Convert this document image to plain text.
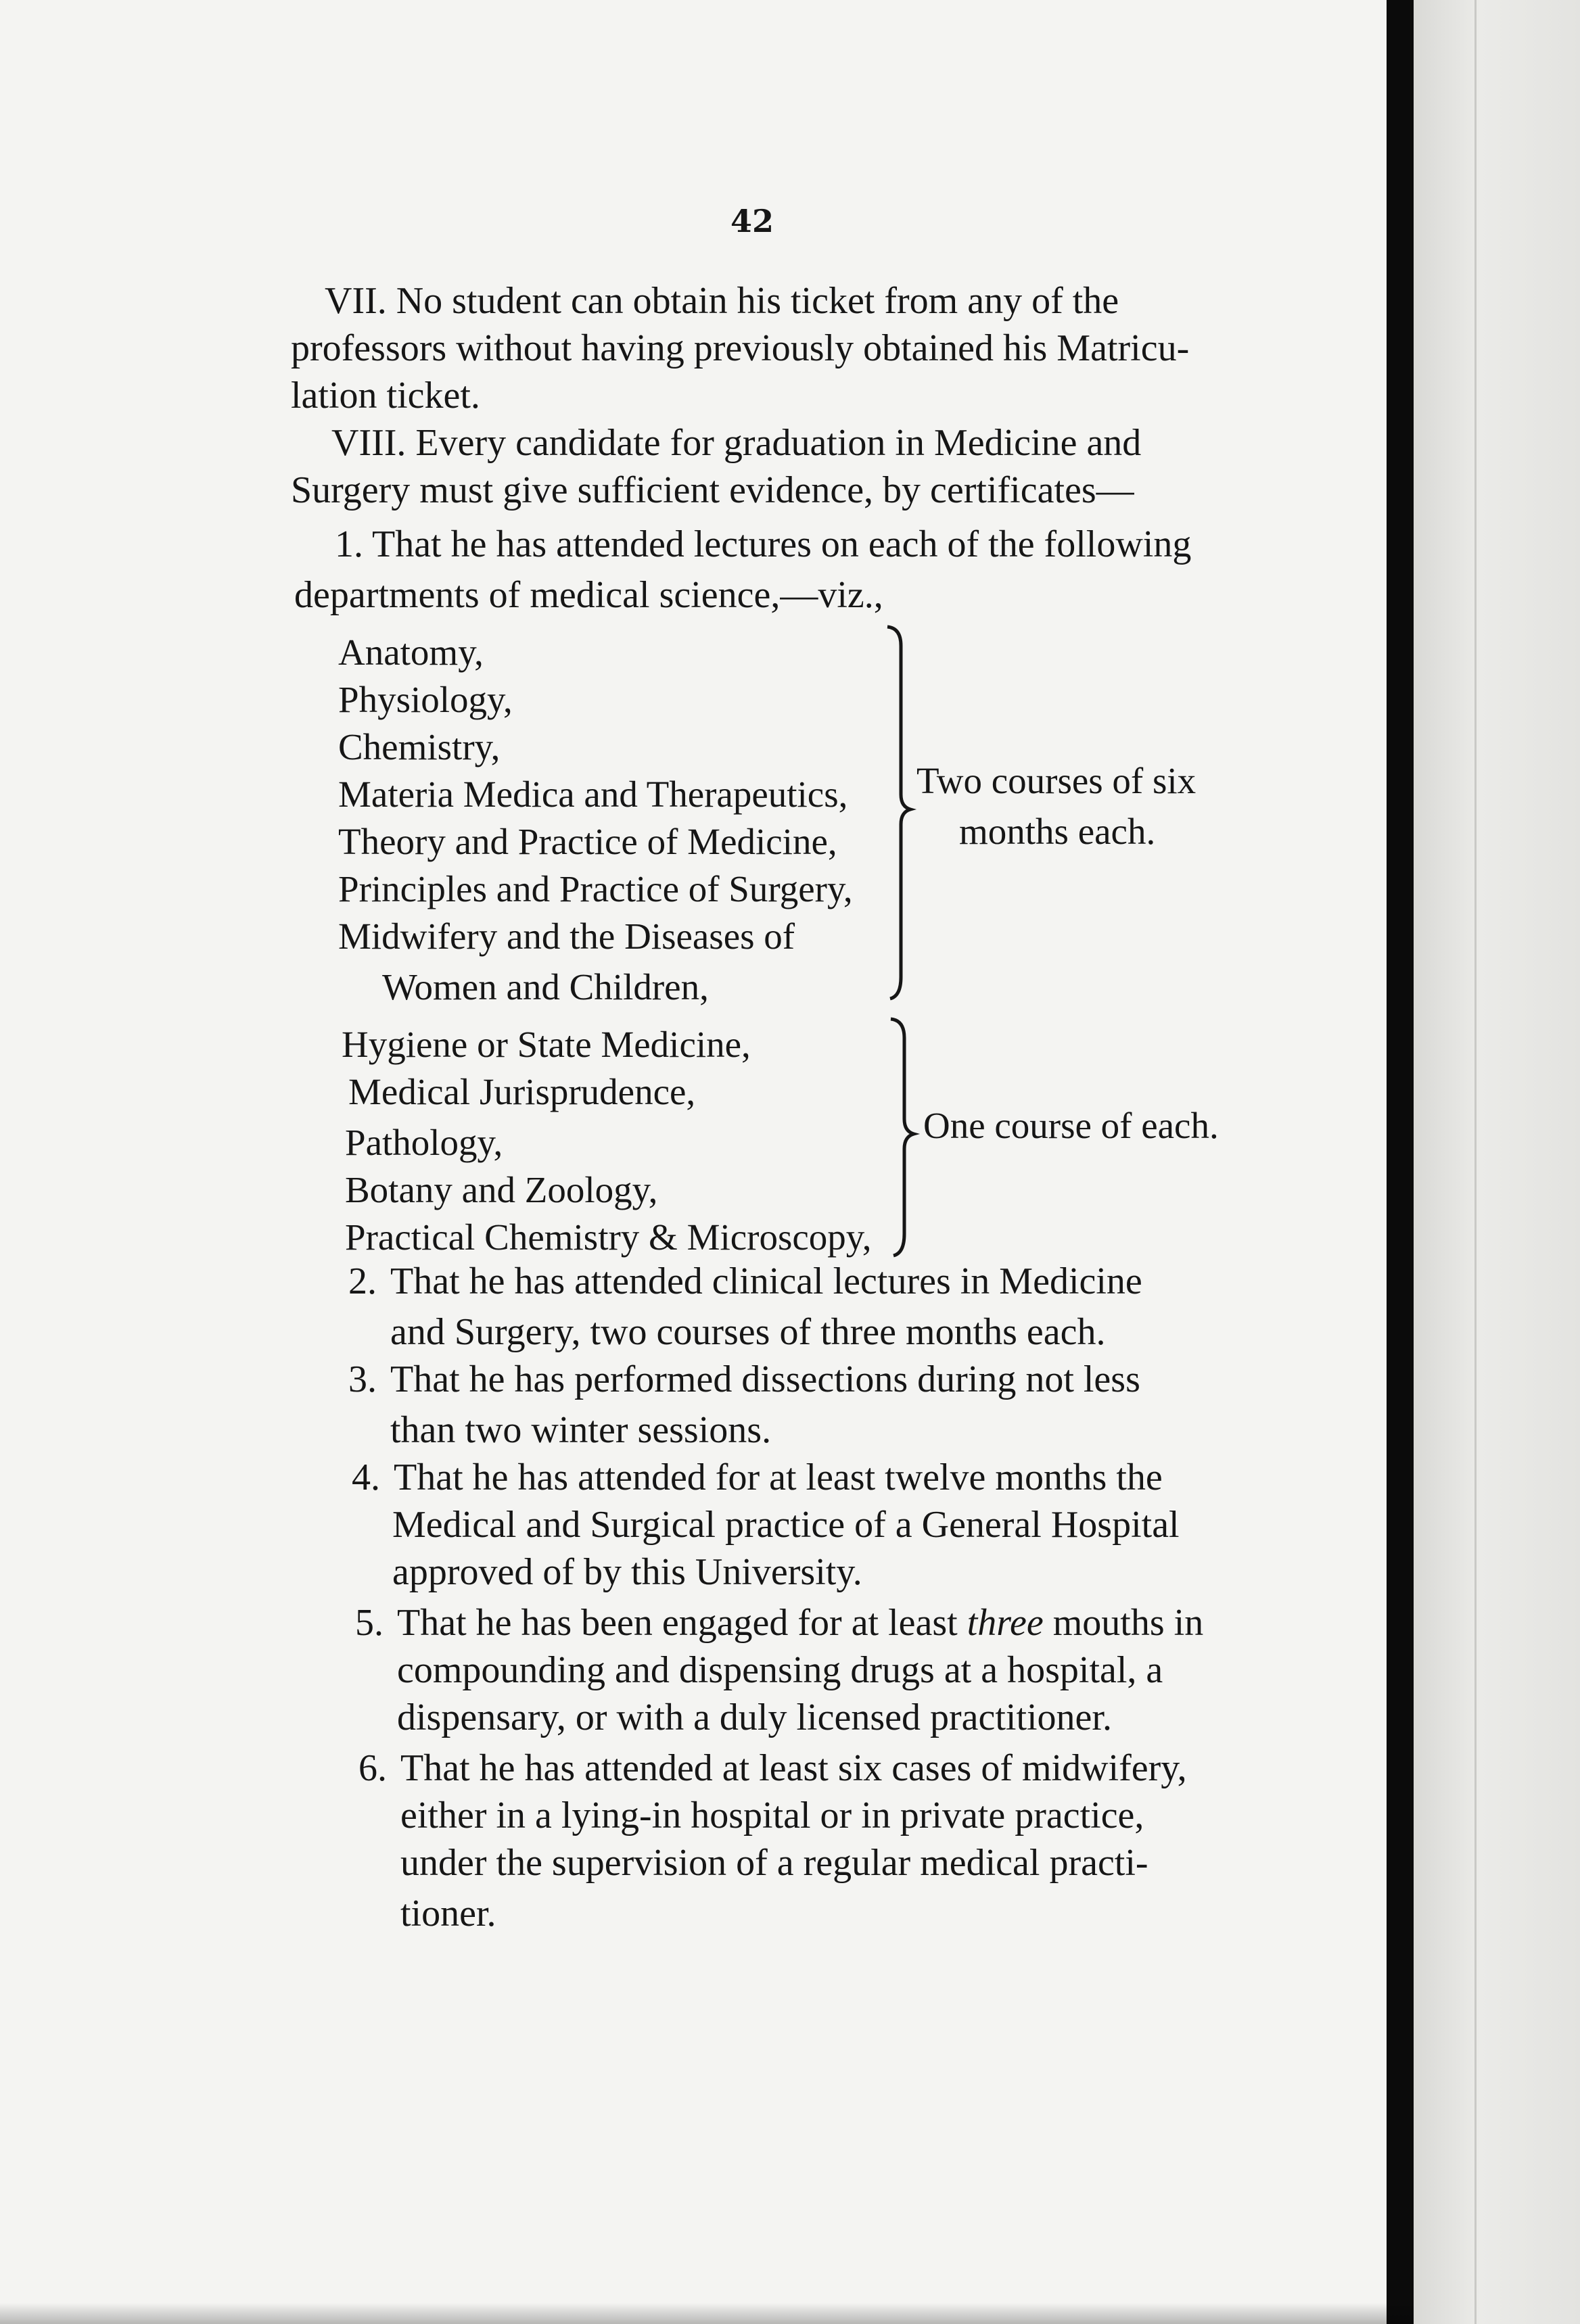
42
VII. No student can obtain his ticket from any of the
professors without having previously obtained his Matricu-
lation ticket.
VIII. Every candidate for graduation in Medicine and
Surgery must give sufficient evidence, by certificates—
1. That he has attended lectures on each of the following
departments of medical science,—viz.,
Anatomy,
Physiology,
Chemistry,
Materia Medica and Therapeutics,
Theory and Practice of Medicine,
Principles and Practice of Surgery,
Midwifery and the Diseases of
Women and Children,
Two courses of six
months each.
Hygiene or State Medicine,
Medical Jurisprudence,
Pathology,
Botany and Zoology,
Practical Chemistry & Microscopy,
One course of each.
2. That he has attended clinical lectures in Medicine
and Surgery, two courses of three months each.
3. That he has performed dissections during not less
than two winter sessions.
4. That he has attended for at least twelve months the
Medical and Surgical practice of a General Hospital
approved of by this University.
5. That he has been engaged for at least three mouths in
compounding and dispensing drugs at a hospital, a
dispensary, or with a duly licensed practitioner.
6. That he has attended at least six cases of midwifery,
either in a lying-in hospital or in private practice,
under the supervision of a regular medical practi-
tioner.
